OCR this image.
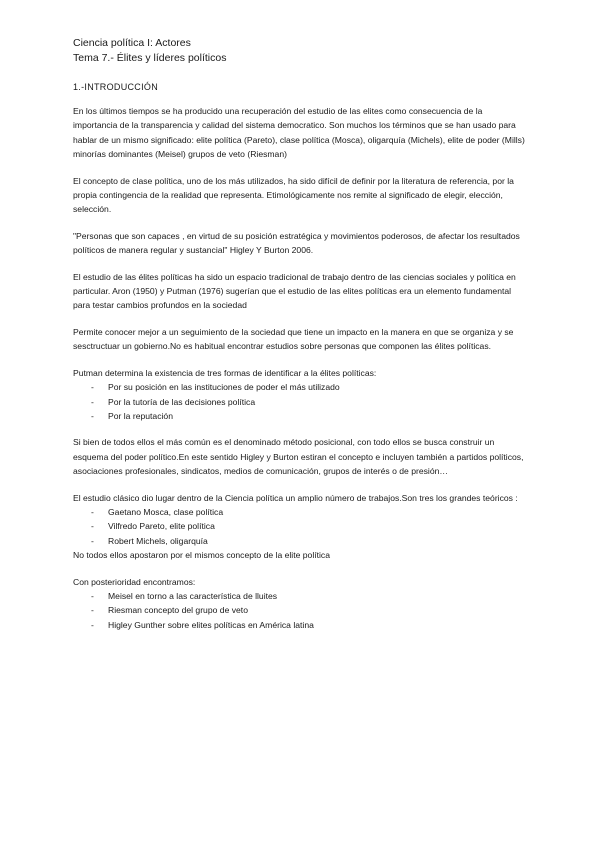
Ciencia política I: Actores
Tema 7.- Élites y líderes políticos
1.-INTRODUCCIÓN

En los últimos tiempos se ha producido una recuperación del estudio de las elites como consecuencia de la importancia de la transparencia y calidad del sistema democratico. Son muchos los términos que se han usado para hablar de un mismo significado: elite política (Pareto), clase política (Mosca), oligarquía (Michels), elite de poder (Mills) minorías dominantes (Meisel) grupos de veto (Riesman)

El concepto de clase política, uno de los más utilizados, ha sido difícil de definir por la literatura de referencia, por la propia contingencia de la realidad que representa. Etimológicamente nos remite al significado de elegir, elección, selección.

"Personas que son capaces , en virtud de su posición estratégica y movimientos poderosos, de afectar los resultados políticos de manera regular y sustancial" Higley Y Burton 2006.

El estudio de las élites políticas ha sido un espacio tradicional de trabajo dentro de las ciencias sociales y política en particular. Aron (1950) y Putman (1976) sugerían que el estudio de las elites políticas era un elemento fundamental para testar cambios profundos en la sociedad

Permite conocer mejor a un seguimiento de la sociedad que tiene un impacto en la manera en que se organiza y se sesctructuar un gobierno.No es habitual encontrar estudios sobre personas que componen las élites políticas.

Putman determina la existencia de tres formas de identificar a la élites políticas:

- Por su posición en las instituciones de poder el más utilizado
- Por la tutoría de las decisiones política
- Por la reputación

Si bien de todos ellos el más común es el denominado método posicional, con todo ellos se busca construir un esquema del poder político.En este sentido Higley y Burton estiran el concepto e incluyen también a partidos políticos, asociaciones profesionales, sindicatos, medios de comunicación, grupos de interés o de presión…

El estudio clásico dio lugar dentro de la Ciencia política un amplio número de trabajos.Son tres los grandes teóricos :

- Gaetano Mosca, clase política
- Vilfredo Pareto, elite política
- Robert Michels, oligarquía

No todos ellos apostaron por el mismos concepto de la elite política

Con posterioridad encontramos:

- Meisel en torno a las característica de lluites
- Riesman concepto del grupo de veto
- Higley Gunther sobre elites políticas en América latina
